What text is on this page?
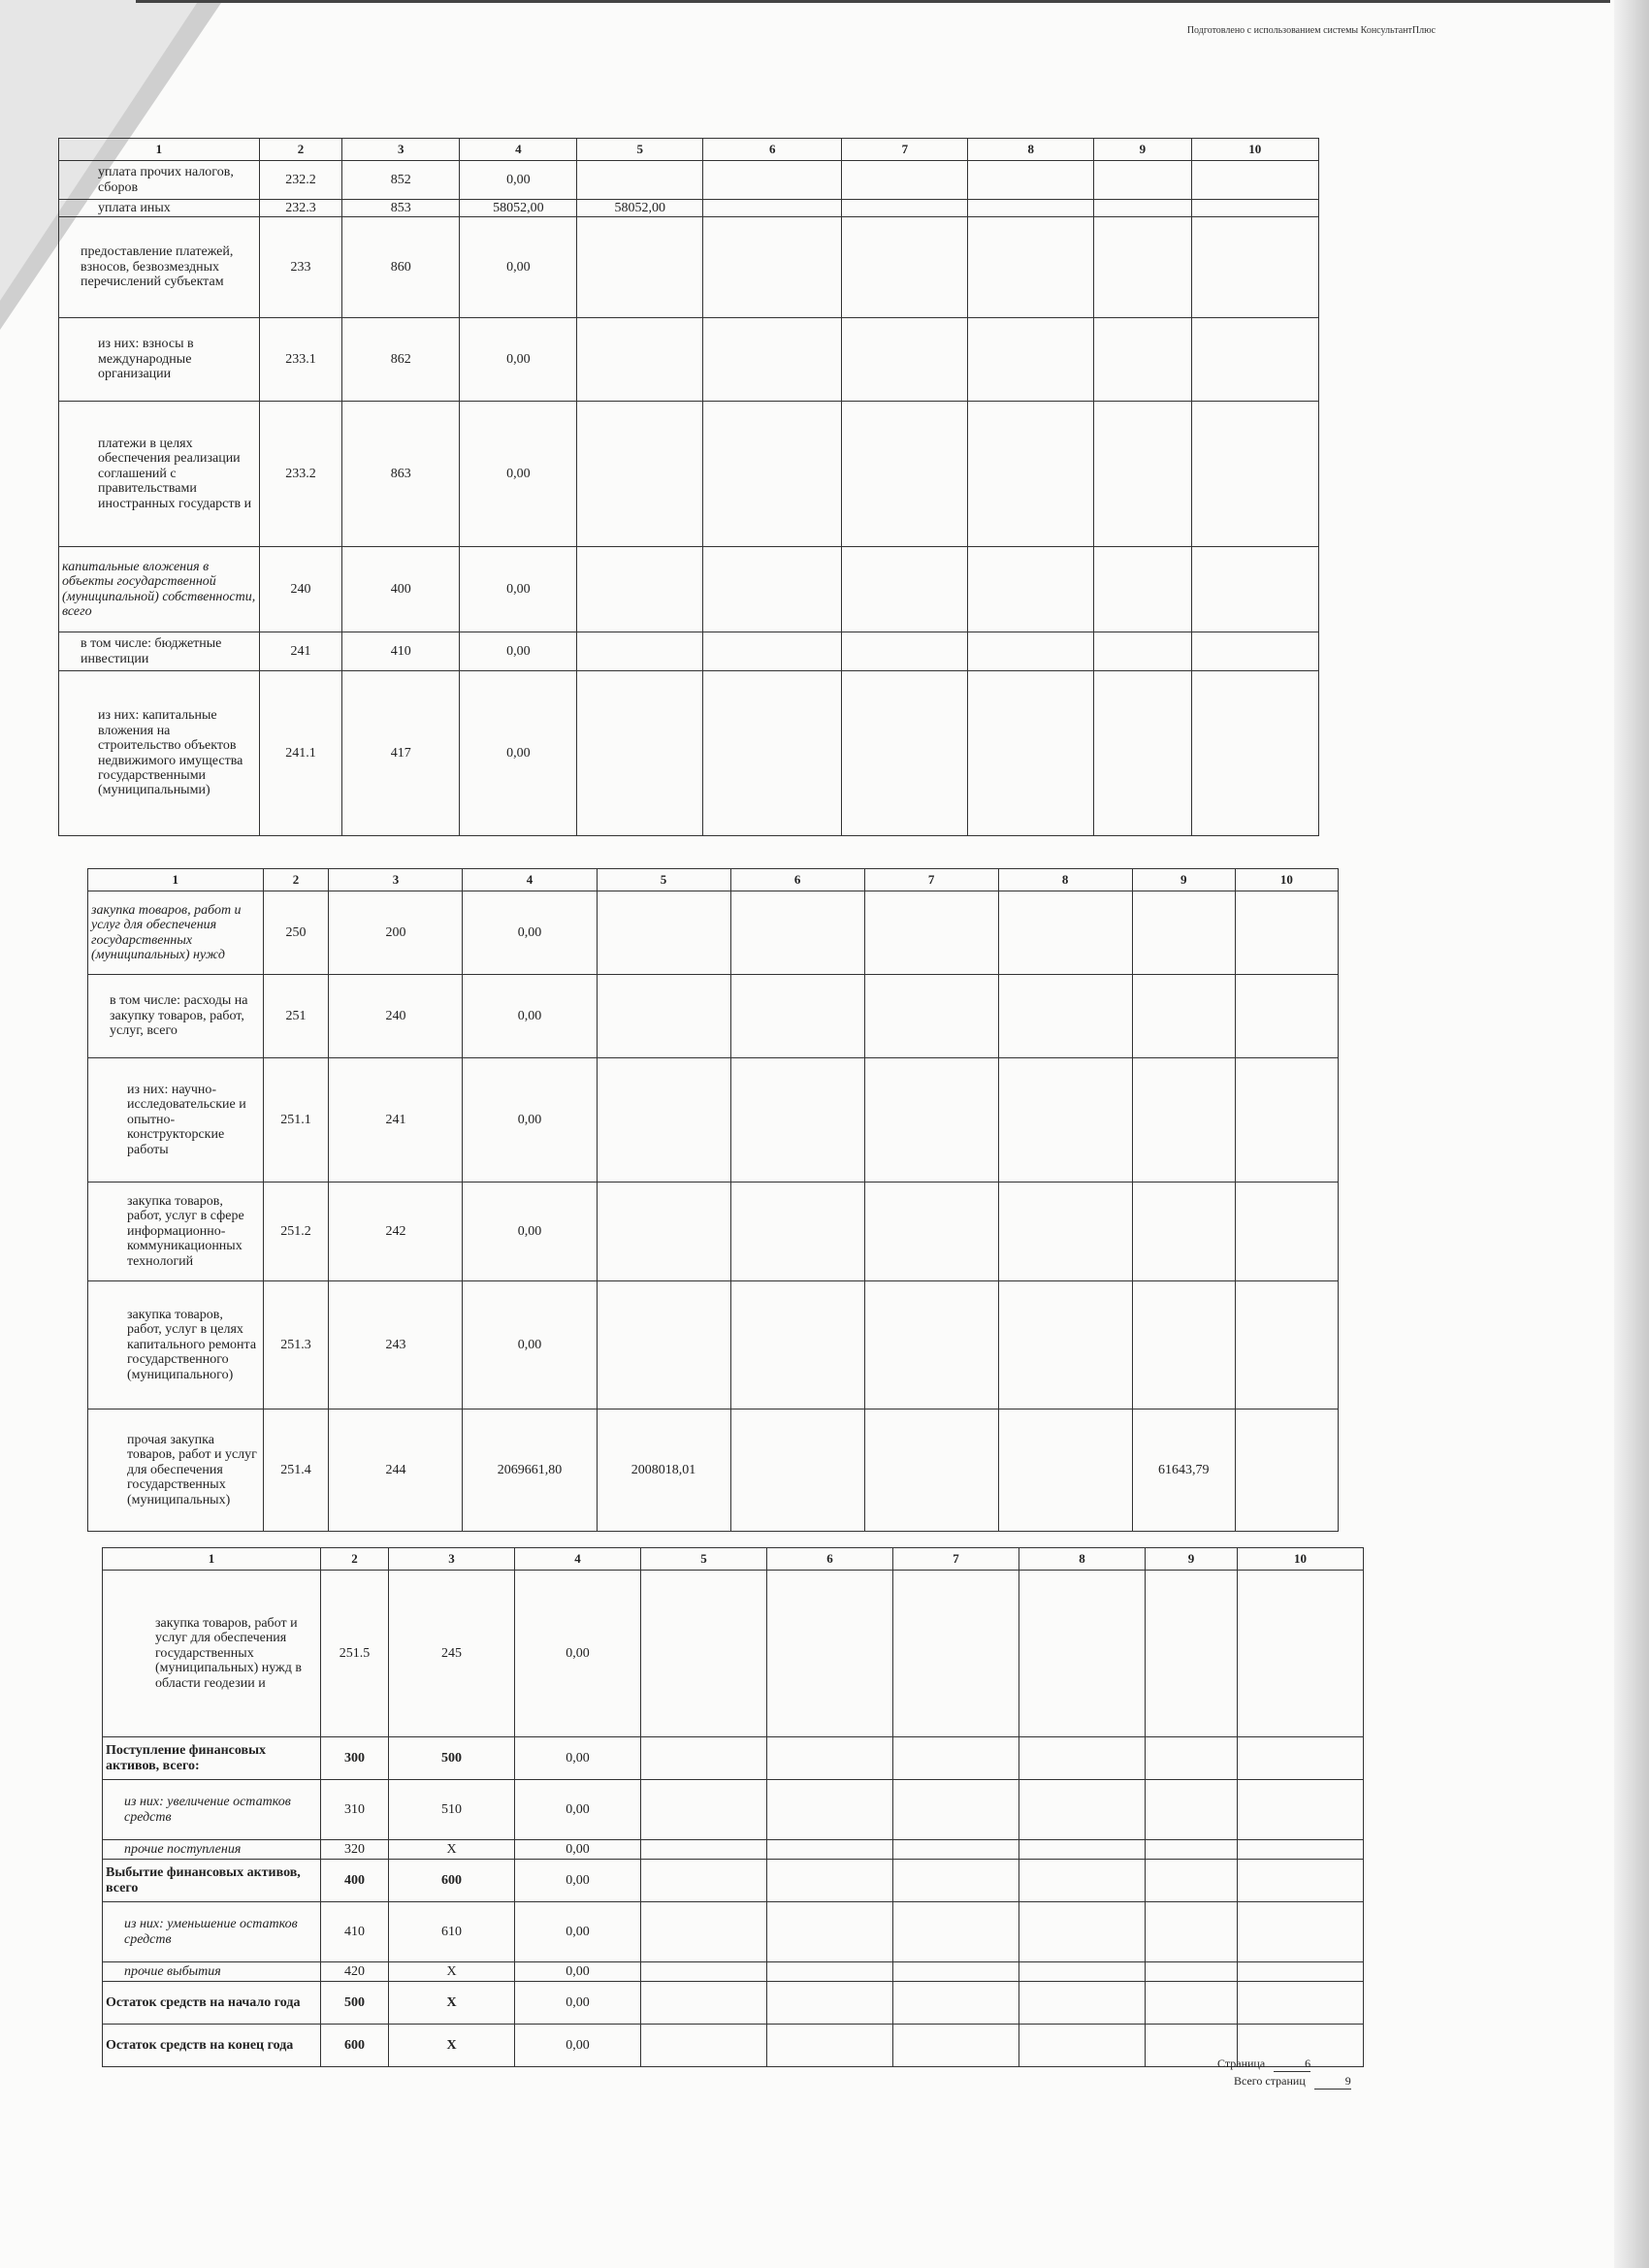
Подготовлено с использованием системы КонсультантПлюс
1	2	3	4	5	6	7	8	9	10
уплата прочих налогов, сборов	232.2	852	0,00						
уплата иных	232.3	853	58052,00	58052,00					
предоставление платежей, взносов, безвозмездных перечислений субъектам	233	860	0,00						
из них: взносы в международные организации	233.1	862	0,00						
платежи в целях обеспечения реализации соглашений с правительствами иностранных государств и	233.2	863	0,00						
капитальные вложения в объекты государственной (муниципальной) собственности, всего	240	400	0,00						
в том числе: бюджетные инвестиции	241	410	0,00						
из них: капитальные вложения на строительство объектов недвижимого имущества государственными (муниципальными)	241.1	417	0,00						
1	2	3	4	5	6	7	8	9	10
закупка товаров, работ и услуг для обеспечения государственных (муниципальных) нужд	250	200	0,00						
в том числе: расходы на закупку товаров, работ, услуг, всего	251	240	0,00						
из них: научно-исследовательские и опытно-конструкторские работы	251.1	241	0,00						
закупка товаров, работ, услуг в сфере информационно-коммуникационных технологий	251.2	242	0,00						
закупка товаров, работ, услуг в целях капитального ремонта государственного (муниципального)	251.3	243	0,00						
прочая закупка товаров, работ и услуг для обеспечения государственных (муниципальных)	251.4	244	2069661,80	2008018,01				61643,79	
1	2	3	4	5	6	7	8	9	10
закупка товаров, работ и услуг для обеспечения государственных (муниципальных) нужд в области геодезии и	251.5	245	0,00						
Поступление финансовых активов, всего:	300	500	0,00						
из них: увеличение остатков средств	310	510	0,00						
прочие поступления	320	X	0,00						
Выбытие финансовых активов, всего	400	600	0,00						
из них: уменьшение остатков средств	410	610	0,00						
прочие выбытия	420	X	0,00						
Остаток средств на начало года	500	X	0,00						
Остаток средств на конец года	600	X	0,00						
Страница	6
Всего страниц	9
